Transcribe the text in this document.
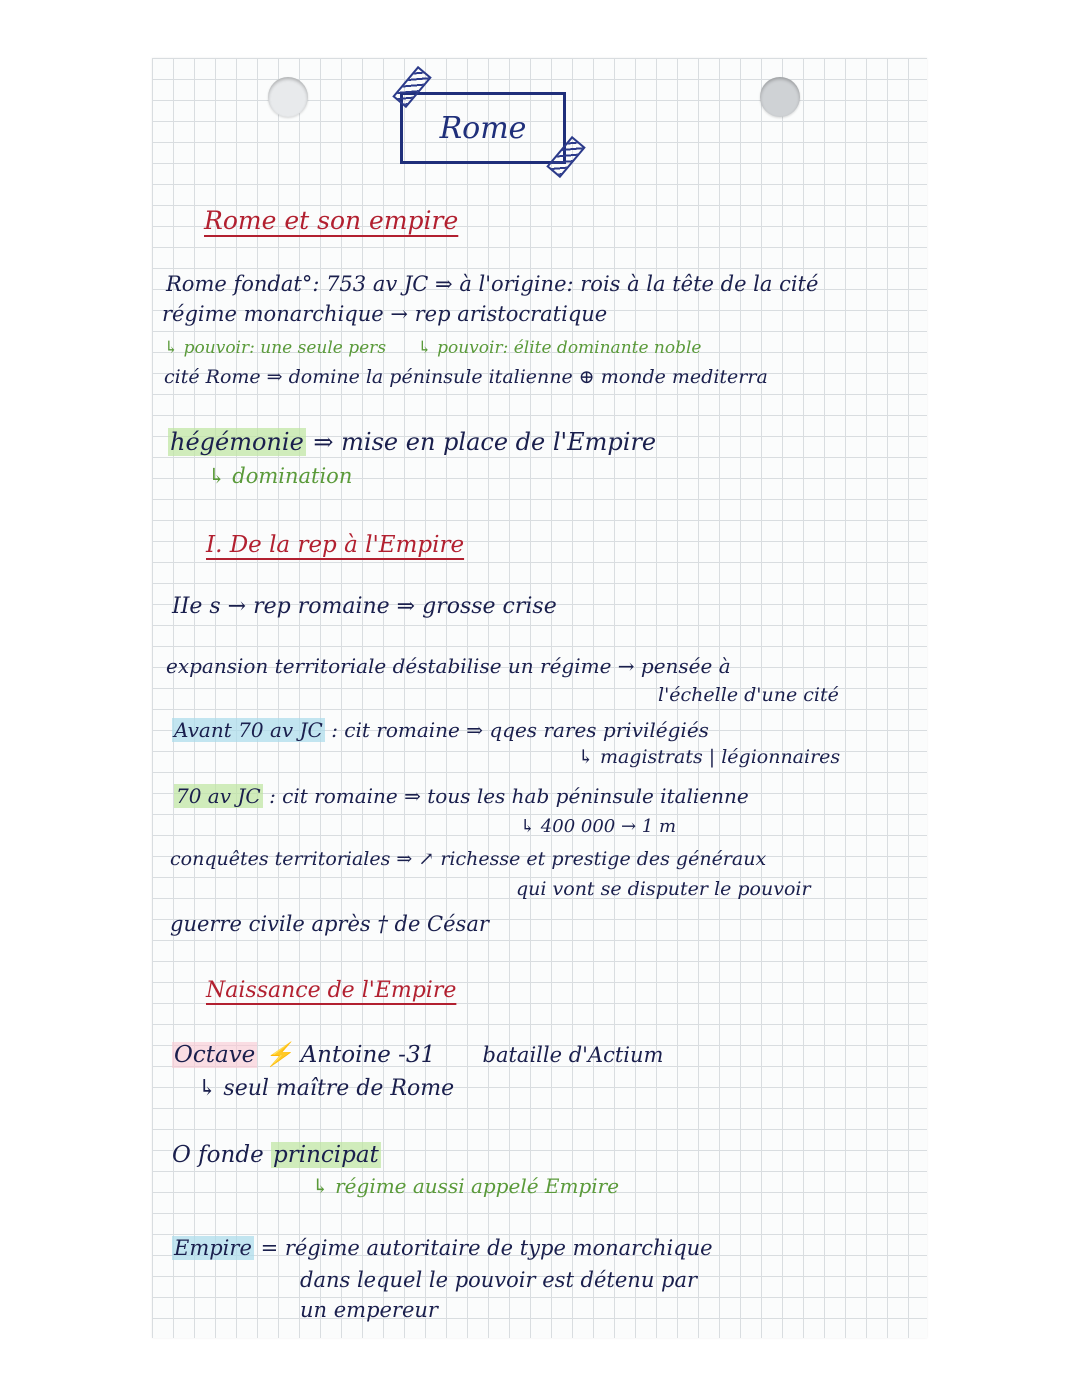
Rome
Rome et son empire
Rome fondat°: 753 av JC ⇒ à l'origine: rois à la tête de la cité
régime monarchique → rep aristocratique
↳ pouvoir: une seule pers ↳ pouvoir: élite dominante noble
cité Rome ⇒ domine la péninsule italienne ⊕ monde mediterra
hégémonie ⇒ mise en place de l'Empire
↳ domination
I. De la rep à l'Empire
IIe s → rep romaine ⇒ grosse crise
expansion territoriale déstabilise un régime → pensée à
l'échelle d'une cité
Avant 70 av JC : cit romaine ⇒ qqes rares privilégiés
↳ magistrats | légionnaires
70 av JC : cit romaine ⇒ tous les hab péninsule italienne
↳ 400 000 → 1 m
conquêtes territoriales ⇒ ↗ richesse et prestige des généraux
qui vont se disputer le pouvoir
guerre civile après † de César
Naissance de l'Empire
Octave ⚡ Antoine -31 bataille d'Actium
↳ seul maître de Rome
O fonde principat
↳ régime aussi appelé Empire
Empire = régime autoritaire de type monarchique
dans lequel le pouvoir est détenu par
un empereur
